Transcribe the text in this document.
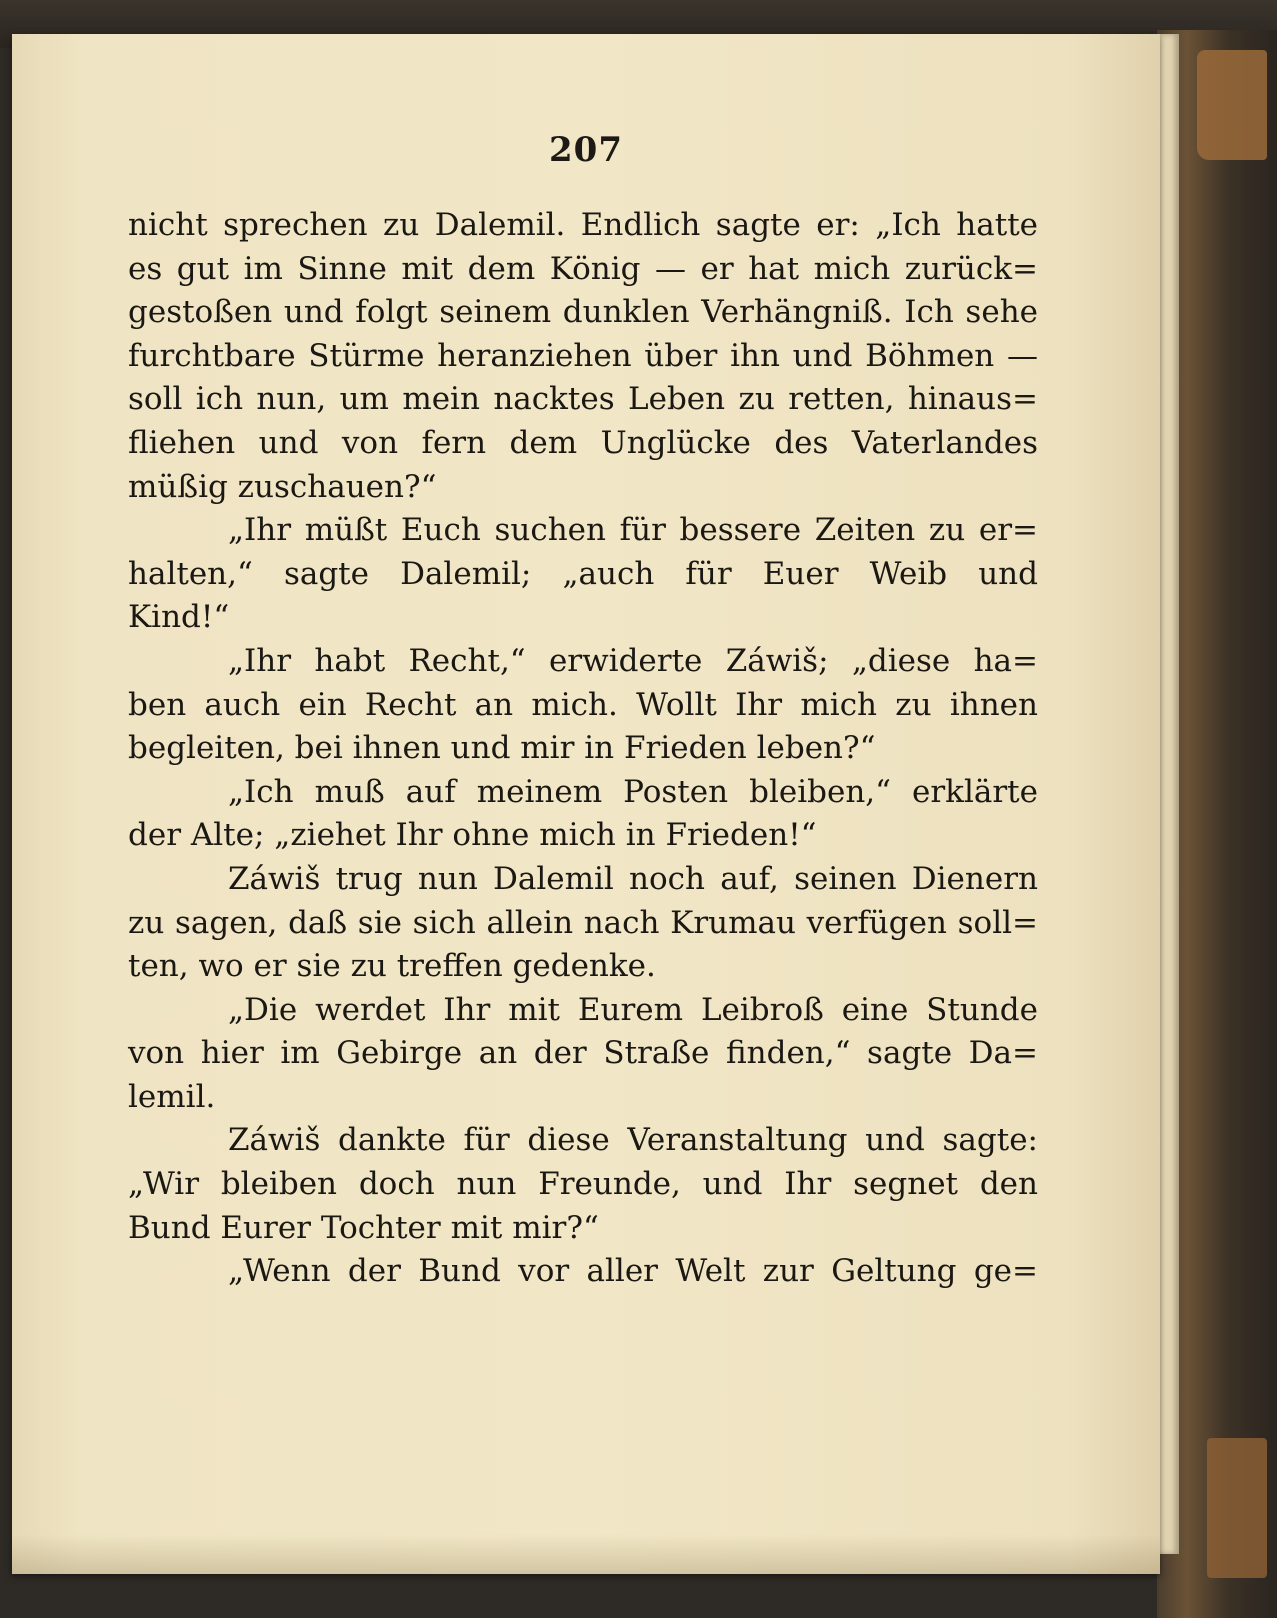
207
nicht sprechen zu Dalemil. Endlich sagte er: „Ich hatte
es gut im Sinne mit dem König — er hat mich zurück=
gestoßen und folgt seinem dunklen Verhängniß. Ich sehe
furchtbare Stürme heranziehen über ihn und Böhmen —
soll ich nun, um mein nacktes Leben zu retten, hinaus=
fliehen und von fern dem Unglücke des Vaterlandes
müßig zuschauen?“
„Ihr müßt Euch suchen für bessere Zeiten zu er=
halten,“ sagte Dalemil; „auch für Euer Weib und
Kind!“
„Ihr habt Recht,“ erwiderte Záwiš; „diese ha=
ben auch ein Recht an mich. Wollt Ihr mich zu ihnen
begleiten, bei ihnen und mir in Frieden leben?“
„Ich muß auf meinem Posten bleiben,“ erklärte
der Alte; „ziehet Ihr ohne mich in Frieden!“
Záwiš trug nun Dalemil noch auf, seinen Dienern
zu sagen, daß sie sich allein nach Krumau verfügen soll=
ten, wo er sie zu treffen gedenke.
„Die werdet Ihr mit Eurem Leibroß eine Stunde
von hier im Gebirge an der Straße finden,“ sagte Da=
lemil.
Záwiš dankte für diese Veranstaltung und sagte:
„Wir bleiben doch nun Freunde, und Ihr segnet den
Bund Eurer Tochter mit mir?“
„Wenn der Bund vor aller Welt zur Geltung ge=
